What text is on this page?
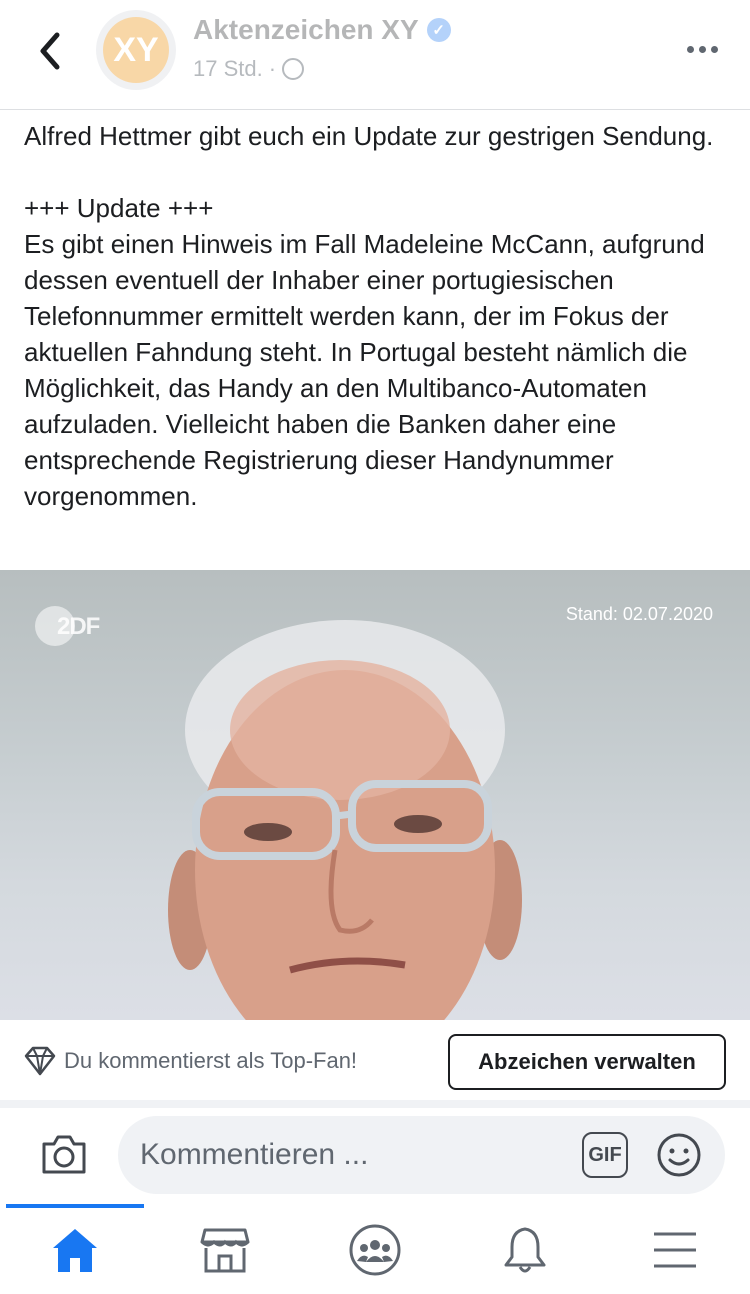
XY
Aktenzeichen XY ✓
17 Std. ·
Alfred Hettmer gibt euch ein Update zur gestrigen Sendung.

+++ Update +++
Es gibt einen Hinweis im Fall Madeleine McCann, aufgrund dessen eventuell der Inhaber einer portugiesischen Telefonnummer ermittelt werden kann, der im Fokus der aktuellen Fahndung steht. In Portugal besteht nämlich die Möglichkeit, das Handy an den Multibanco-Automaten aufzuladen. Vielleicht haben die Banken daher eine entsprechende Registrierung dieser Handynummer vorgenommen.
2DF	Stand: 02.07.2020
Du kommentierst als Top-Fan!	Abzeichen verwalten
Kommentieren ...	GIF
